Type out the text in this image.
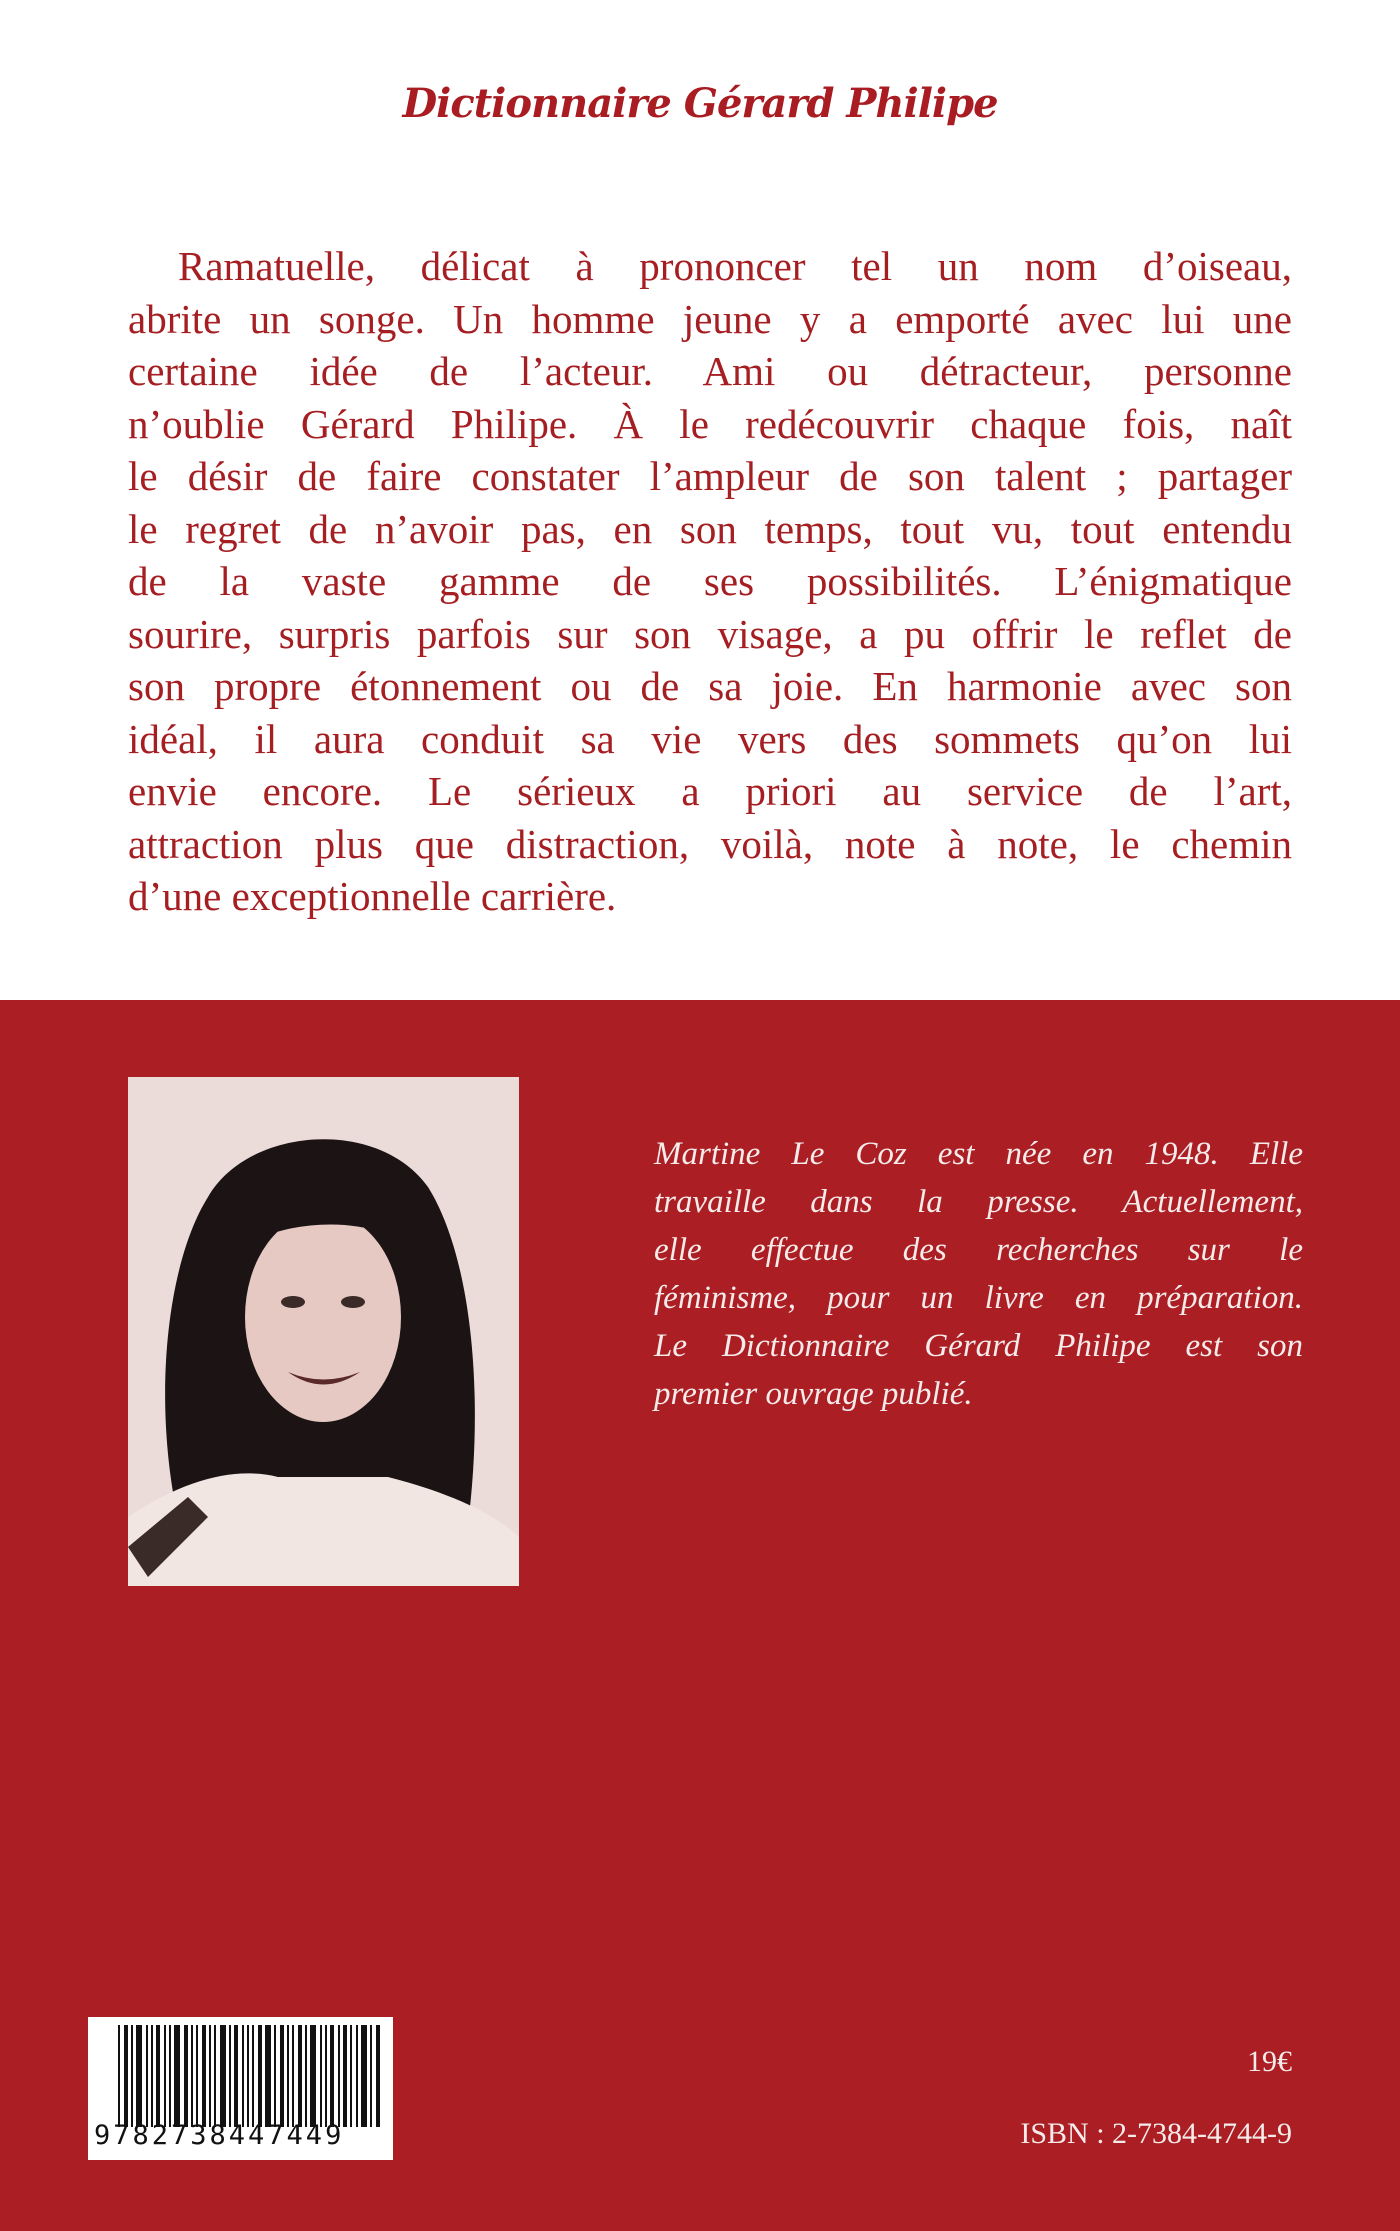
Dictionnaire Gérard Philipe
Ramatuelle, délicat à prononcer tel un nom d’oiseau,
abrite un songe. Un homme jeune y a emporté avec lui une
certaine idée de l’acteur. Ami ou détracteur, personne
n’oublie Gérard Philipe. À le redécouvrir chaque fois, naît
le désir de faire constater l’ampleur de son talent ; partager
le regret de n’avoir pas, en son temps, tout vu, tout entendu
de la vaste gamme de ses possibilités. L’énigmatique
sourire, surpris parfois sur son visage, a pu offrir le reflet de
son propre étonnement ou de sa joie. En harmonie avec son
idéal, il aura conduit sa vie vers des sommets qu’on lui
envie encore. Le sérieux a priori au service de l’art,
attraction plus que distraction, voilà, note à note, le chemin
d’une exceptionnelle carrière.
Martine Le Coz est née en 1948. Elle
travaille dans la presse. Actuellement,
elle effectue des recherches sur le
féminisme, pour un livre en préparation.
Le Dictionnaire Gérard Philipe est son
premier ouvrage publié.
9782738447449
19€
ISBN : 2-7384-4744-9
